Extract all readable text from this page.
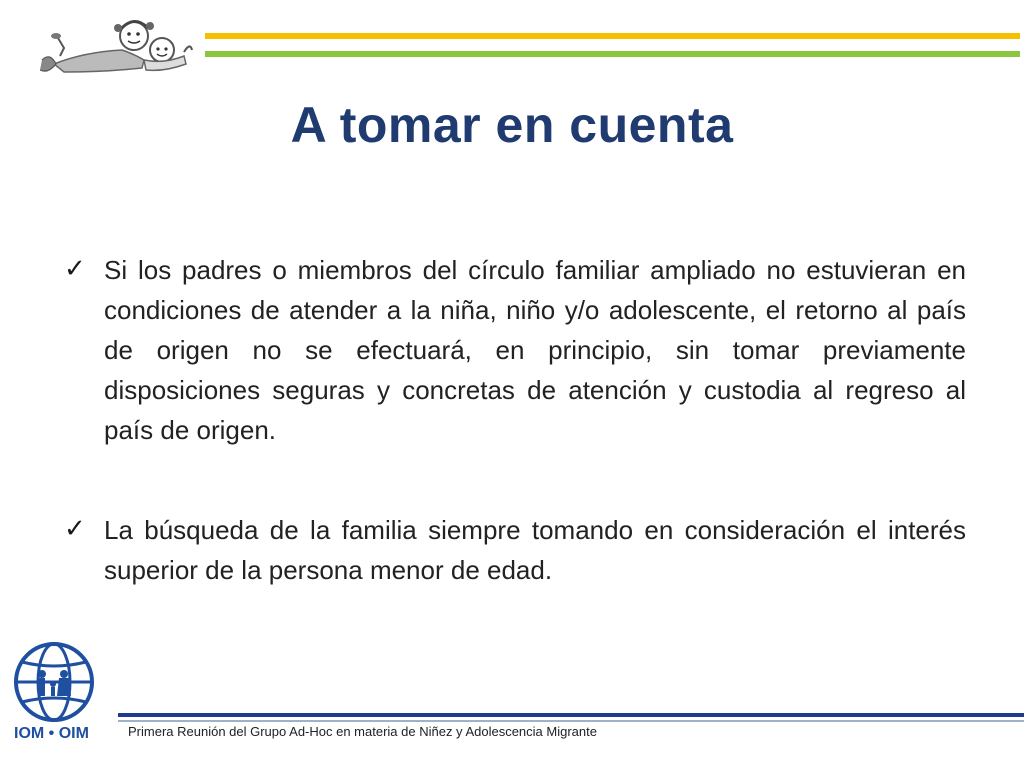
A tomar en cuenta
✓ Si los padres o miembros del círculo familiar ampliado no estuvieran en condiciones de atender a la niña, niño y/o adolescente, el retorno al país de origen no se efectuará, en principio, sin tomar previamente disposiciones seguras y concretas de atención y custodia al regreso al país de origen.

✓ La búsqueda de la familia siempre tomando en consideración el interés superior de la persona menor de edad.

IOM • OIM	Primera Reunión del Grupo Ad-Hoc en materia de Niñez y Adolescencia Migrante
